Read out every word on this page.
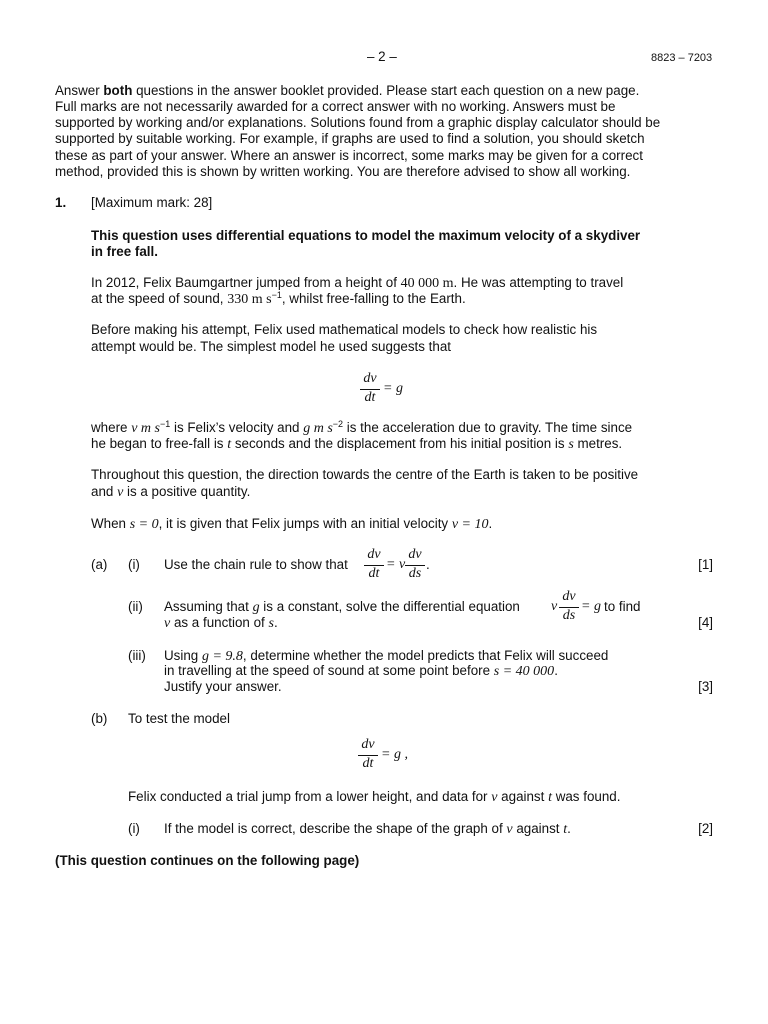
– 2 –	8823 – 7203
Answer both questions in the answer booklet provided. Please start each question on a new page.
Full marks are not necessarily awarded for a correct answer with no working. Answers must be
supported by working and/or explanations. Solutions found from a graphic display calculator should be
supported by suitable working. For example, if graphs are used to find a solution, you should sketch
these as part of your answer. Where an answer is incorrect, some marks may be given for a correct
method, provided this is shown by written working. You are therefore advised to show all working.
1. [Maximum mark: 28]
This question uses differential equations to model the maximum velocity of a skydiver
in free fall.
In 2012, Felix Baumgartner jumped from a height of 40 000 m. He was attempting to travel
at the speed of sound, 330 m $s^{-1}$, whilst free-falling to the Earth.
Before making his attempt, Felix used mathematical models to check how realistic his
attempt would be. The simplest model he used suggests that
dv
dt
= g
where v m $s^{-1}$ is Felix’s velocity and g m $s^{-2}$ is the acceleration due to gravity. The time since
he began to free-fall is t seconds and the displacement from his initial position is s metres.
Throughout this question, the direction towards the centre of the Earth is taken to be positive
and v is a positive quantity.
When s = 0, it is given that Felix jumps with an initial velocity v = 10.
(a) (i) Use the chain rule to show that
dv
dt
= v
dv
ds
.	[1]
(ii) Assuming that g is a constant, solve the differential equation v
dv
ds
= g to find
v as a function of s.	[4]
(iii) Using g = 9.8, determine whether the model predicts that Felix will succeed
in travelling at the speed of sound at some point before s = 40 000.
Justify your answer.	[3]
(b) To test the model
dv
dt
= g ,
Felix conducted a trial jump from a lower height, and data for v against t was found.
(i) If the model is correct, describe the shape of the graph of v against t.	[2]
(This question continues on the following page)
